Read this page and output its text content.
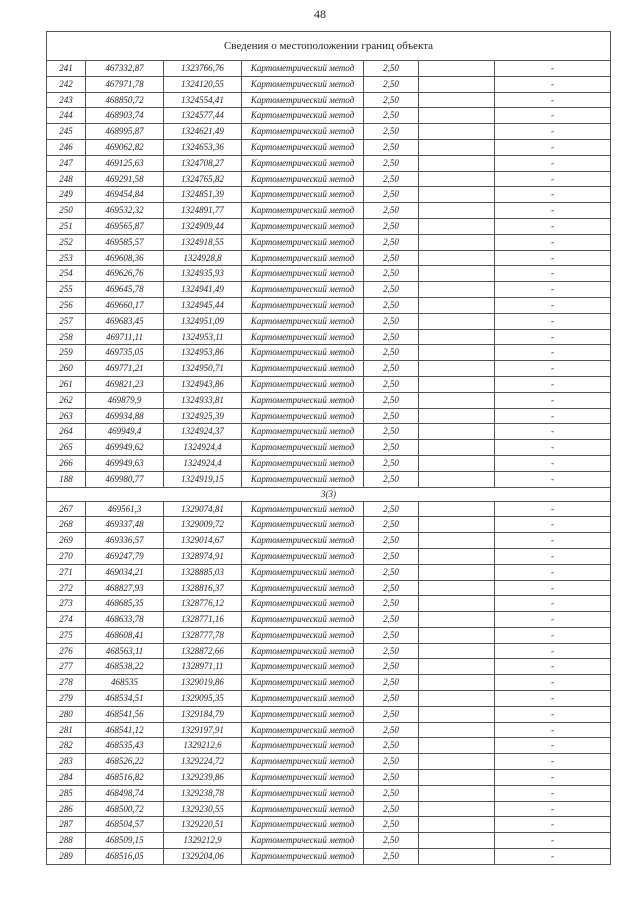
48
Сведения о местоположении границ объекта						
241	467332,87	1323766,76	Картометрический метод	2,50		-
242	467971,78	1324120,55	Картометрический метод	2,50		-
243	468850,72	1324554,41	Картометрический метод	2,50		-
244	468903,74	1324577,44	Картометрический метод	2,50		-
245	468995,87	1324621,49	Картометрический метод	2,50		-
246	469062,82	1324653,36	Картометрический метод	2,50		-
247	469125,63	1324708,27	Картометрический метод	2,50		-
248	469291,58	1324765,82	Картометрический метод	2,50		-
249	469454,84	1324851,39	Картометрический метод	2,50		-
250	469532,32	1324891,77	Картометрический метод	2,50		-
251	469565,87	1324909,44	Картометрический метод	2,50		-
252	469585,57	1324918,55	Картометрический метод	2,50		-
253	469608,36	1324928,8	Картометрический метод	2,50		-
254	469626,76	1324935,93	Картометрический метод	2,50		-
255	469645,78	1324941,49	Картометрический метод	2,50		-
256	469660,17	1324945,44	Картометрический метод	2,50		-
257	469683,45	1324951,09	Картометрический метод	2,50		-
258	469711,11	1324953,11	Картометрический метод	2,50		-
259	469735,05	1324953,86	Картометрический метод	2,50		-
260	469771,21	1324950,71	Картометрический метод	2,50		-
261	469821,23	1324943,86	Картометрический метод	2,50		-
262	469879,9	1324933,81	Картометрический метод	2,50		-
263	469934,88	1324925,39	Картометрический метод	2,50		-
264	469949,4	1324924,37	Картометрический метод	2,50		-
265	469949,62	1324924,4	Картометрический метод	2,50		-
266	469949,63	1324924,4	Картометрический метод	2,50		-
188	469980,77	1324919,15	Картометрический метод	2,50		-
3(3)						
267	469561,3	1329074,81	Картометрический метод	2,50		-
268	469337,48	1329009,72	Картометрический метод	2,50		-
269	469336,57	1329014,67	Картометрический метод	2,50		-
270	469247,79	1328974,91	Картометрический метод	2,50		-
271	469034,21	1328885,03	Картометрический метод	2,50		-
272	468827,93	1328816,37	Картометрический метод	2,50		-
273	468685,35	1328776,12	Картометрический метод	2,50		-
274	468633,78	1328771,16	Картометрический метод	2,50		-
275	468608,41	1328777,78	Картометрический метод	2,50		-
276	468563,11	1328872,66	Картометрический метод	2,50		-
277	468538,22	1328971,11	Картометрический метод	2,50		-
278	468535	1329019,86	Картометрический метод	2,50		-
279	468534,51	1329095,35	Картометрический метод	2,50		-
280	468541,56	1329184,79	Картометрический метод	2,50		-
281	468541,12	1329197,91	Картометрический метод	2,50		-
282	468535,43	1329212,6	Картометрический метод	2,50		-
283	468526,22	1329224,72	Картометрический метод	2,50		-
284	468516,82	1329239,86	Картометрический метод	2,50		-
285	468498,74	1329238,78	Картометрический метод	2,50		-
286	468500,72	1329230,55	Картометрический метод	2,50		-
287	468504,57	1329220,51	Картометрический метод	2,50		-
288	468509,15	1329212,9	Картометрический метод	2,50		-
289	468516,05	1329204,06	Картометрический метод	2,50		-
